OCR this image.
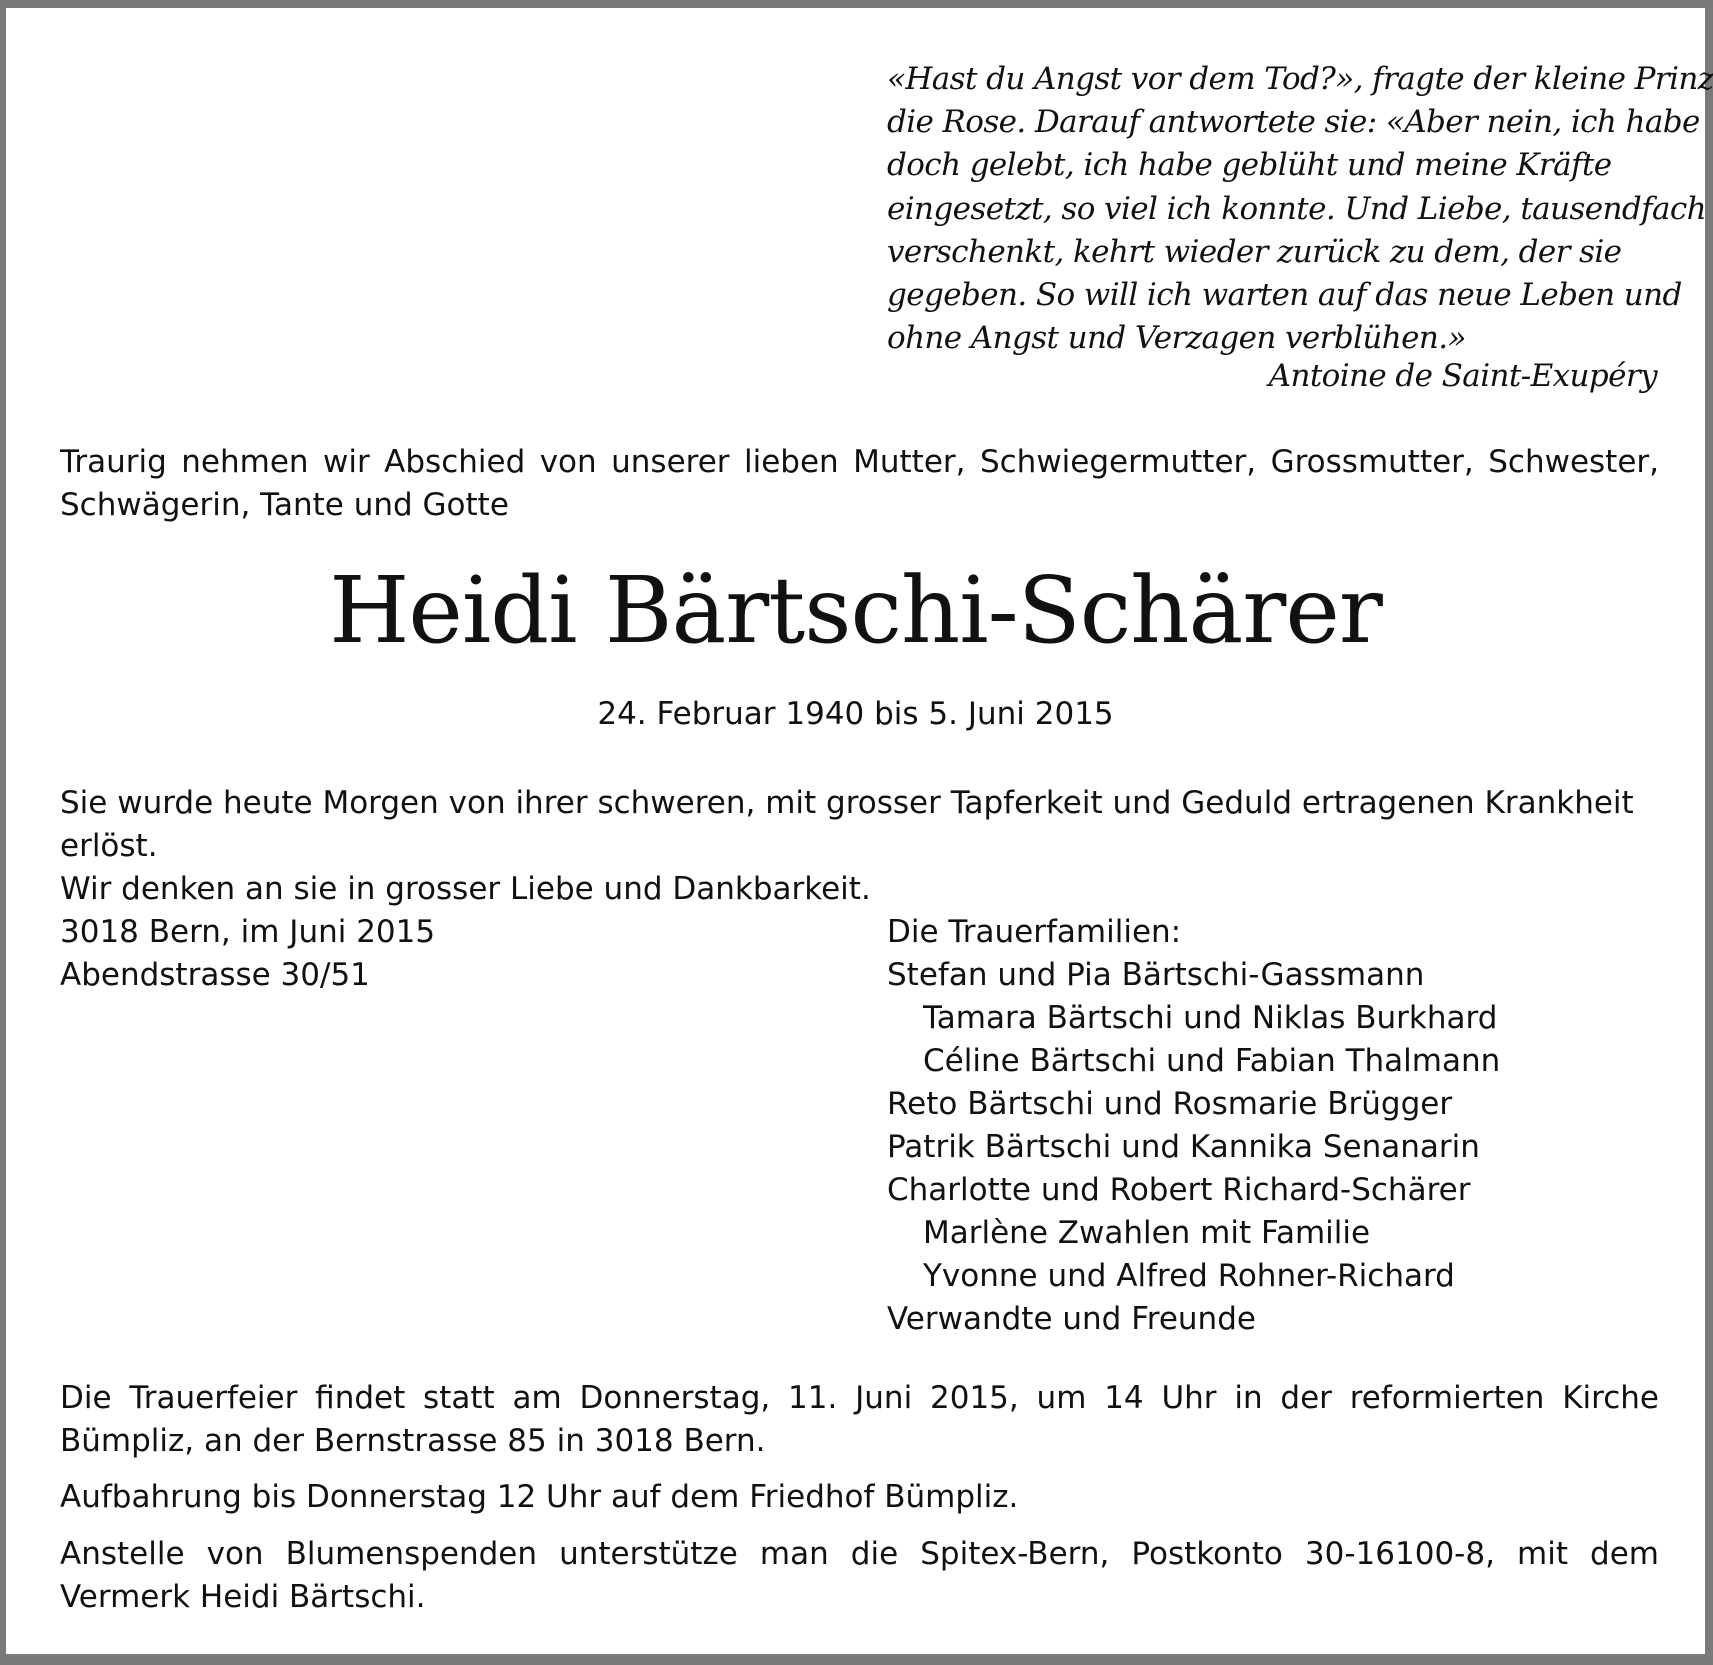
«Hast du Angst vor dem Tod?», fragte der kleine Prinz
die Rose. Darauf antwortete sie: «Aber nein, ich habe
doch gelebt, ich habe geblüht und meine Kräfte
eingesetzt, so viel ich konnte. Und Liebe, tausendfach
verschenkt, kehrt wieder zurück zu dem, der sie
gegeben. So will ich warten auf das neue Leben und
ohne Angst und Verzagen verblühen.»
Antoine de Saint-Exupéry
Traurig nehmen wir Abschied von unserer lieben Mutter, Schwiegermutter, Grossmutter, Schwester, Schwägerin, Tante und Gotte
Heidi Bärtschi-Schärer
24. Februar 1940 bis 5. Juni 2015
Sie wurde heute Morgen von ihrer schweren, mit grosser Tapferkeit und Geduld ertragenen Krankheit erlöst.
Wir denken an sie in grosser Liebe und Dankbarkeit.
3018 Bern, im Juni 2015
Abendstrasse 30/51
Die Trauerfamilien:
Stefan und Pia Bärtschi-Gassmann
Tamara Bärtschi und Niklas Burkhard
Céline Bärtschi und Fabian Thalmann
Reto Bärtschi und Rosmarie Brügger
Patrik Bärtschi und Kannika Senanarin
Charlotte und Robert Richard-Schärer
Marlène Zwahlen mit Familie
Yvonne und Alfred Rohner-Richard
Verwandte und Freunde
Die Trauerfeier findet statt am Donnerstag, 11. Juni 2015, um 14 Uhr in der reformierten Kirche Bümpliz, an der Bernstrasse 85 in 3018 Bern.
Aufbahrung bis Donnerstag 12 Uhr auf dem Friedhof Bümpliz.
Anstelle von Blumenspenden unterstütze man die Spitex-Bern, Postkonto 30-16100-8, mit dem Vermerk Heidi Bärtschi.
